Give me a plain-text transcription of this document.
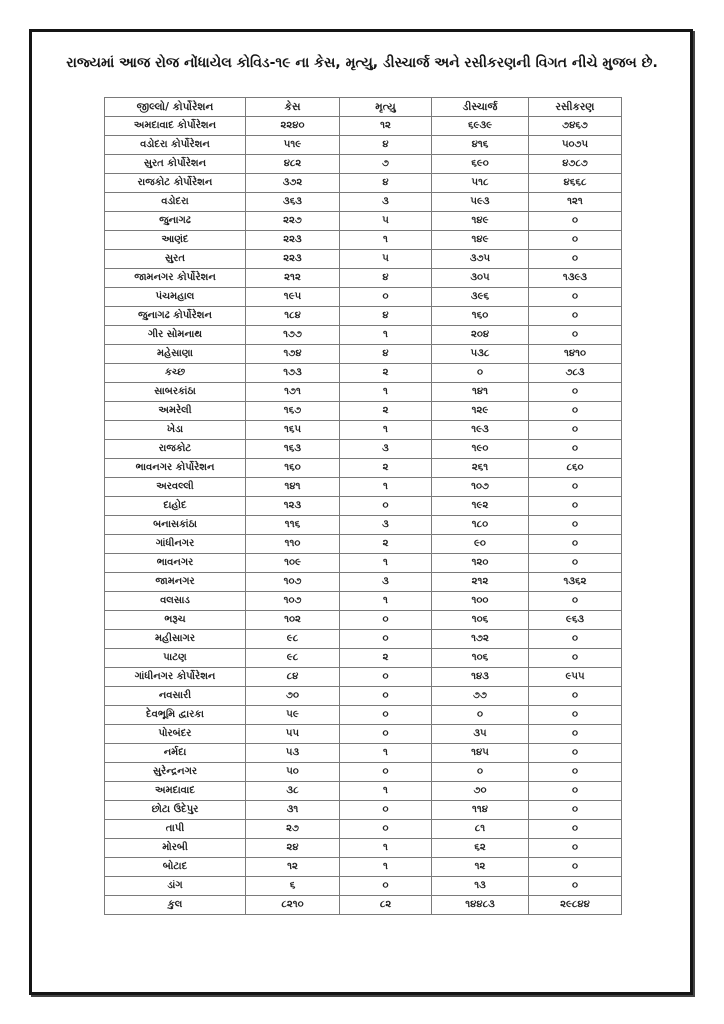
રાજ્યમાં આજ રોજ નોંધાયેલ કોવિડ-૧૯ ના કેસ, મૃત્યુ, ડીસ્ચાર્જ અને રસીકરણની વિગત નીચે મુજબ છે.
જીલ્લો/ કોર્પોરેશન	કેસ	મૃત્યુ	ડીસ્ચાર્જ	રસીકરણ
અમદાવાદ કોર્પોરેશન	૨૨૪૦	૧૨	૬૯૩૯	૭૪૬૭
વડોદરા કોર્પોરેશન	૫૧૯	૪	૪૧૬	૫૦૭૫
સુરત કોર્પોરેશન	૪૮૨	૭	૬૯૦	૪૭૮૭
રાજકોટ કોર્પોરેશન	૩૭૨	૪	૫૧૮	૪૬૬૮
વડોદરા	૩૬૩	૩	૫૯૩	૧૨૧
જુનાગઢ	૨૨૭	૫	૧૪૯	૦
આણંદ	૨૨૩	૧	૧૪૯	૦
સુરત	૨૨૩	૫	૩૭૫	૦
જામનગર કોર્પોરેશન	૨૧૨	૪	૩૦૫	૧૩૯૩
પંચમહાલ	૧૯૫	૦	૩૯૬	૦
જુનાગઢ કોર્પોરેશન	૧૮૪	૪	૧૬૦	૦
ગીર સોમનાથ	૧૭૭	૧	૨૦૪	૦
મહેસાણા	૧૭૪	૪	૫૩૮	૧૪૧૦
કચ્છ	૧૭૩	૨	૦	૭૮૩
સાબરકાંઠા	૧૭૧	૧	૧૪૧	૦
અમરેલી	૧૬૭	૨	૧૨૯	૦
ખેડા	૧૬૫	૧	૧૯૩	૦
રાજકોટ	૧૬૩	૩	૧૯૦	૦
ભાવનગર કોર્પોરેશન	૧૬૦	૨	૨૬૧	૮૬૦
અરવલ્લી	૧૪૧	૧	૧૦૭	૦
દાહોદ	૧૨૩	૦	૧૯૨	૦
બનાસકાંઠા	૧૧૬	૩	૧૮૦	૦
ગાંધીનગર	૧૧૦	૨	૯૦	૦
ભાવનગર	૧૦૯	૧	૧૨૦	૦
જામનગર	૧૦૭	૩	૨૧૨	૧૩૬૨
વલસાડ	૧૦૭	૧	૧૦૦	૦
ભરૂચ	૧૦૨	૦	૧૦૬	૯૬૩
મહીસાગર	૯૮	૦	૧૭૨	૦
પાટણ	૯૮	૨	૧૦૬	૦
ગાંધીનગર કોર્પોરેશન	૮૪	૦	૧૪૩	૯૫૫
નવસારી	૭૦	૦	૭૭	૦
દેવભૂમિ દ્વારકા	૫૯	૦	૦	૦
પોરબંદર	૫૫	૦	૩૫	૦
નર્મદા	૫૩	૧	૧૪૫	૦
સુરેન્દ્રનગર	૫૦	૦	૦	૦
અમદાવાદ	૩૮	૧	૭૦	૦
છોટા ઉદેપુર	૩૧	૦	૧૧૪	૦
તાપી	૨૭	૦	૮૧	૦
મોરબી	૨૪	૧	૬૨	૦
બોટાદ	૧૨	૧	૧૨	૦
ડાંગ	૬	૦	૧૩	૦
કુલ	૮૨૧૦	૮૨	૧૪૪૮૩	૨૯૮૪૪
